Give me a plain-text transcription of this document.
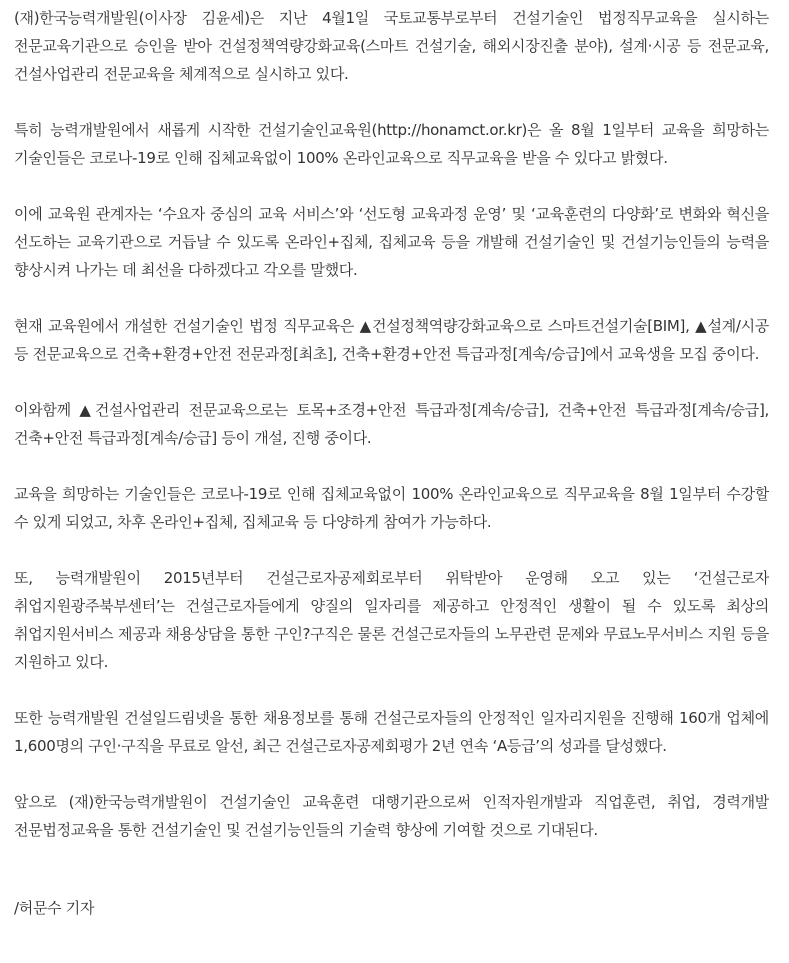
(재)한국능력개발원(이사장 김윤세)은 지난 4월1일 국토교통부로부터 건설기술인 법정직무교육을 실시하는 전문교육기관으로 승인을 받아 건설정책역량강화교육(스마트 건설기술, 해외시장진출 분야), 설계·시공 등 전문교육, 건설사업관리 전문교육을 체계적으로 실시하고 있다.

특히 능력개발원에서 새롭게 시작한 건설기술인교육원(http://honamct.or.kr)은 올 8월 1일부터 교육을 희망하는 기술인들은 코로나-19로 인해 집체교육없이 100% 온라인교육으로 직무교육을 받을 수 있다고 밝혔다.

이에 교육원 관계자는 ‘수요자 중심의 교육 서비스’와 ‘선도형 교육과정 운영’ 및 ‘교육훈련의 다양화’로 변화와 혁신을 선도하는 교육기관으로 거듭날 수 있도록 온라인+집체, 집체교육 등을 개발해 건설기술인 및 건설기능인들의 능력을 향상시켜 나가는 데 최선을 다하겠다고 각오를 말했다.

현재 교육원에서 개설한 건설기술인 법정 직무교육은 ▲건설정책역량강화교육으로 스마트건설기술[BIM], ▲설계/시공 등 전문교육으로 건축+환경+안전 전문과정[최초], 건축+환경+안전 특급과정[계속/승급]에서 교육생을 모집 중이다.

이와함께 ▲건설사업관리 전문교육으로는 토목+조경+안전 특급과정[계속/승급], 건축+안전 특급과정[계속/승급], 건축+안전 특급과정[계속/승급] 등이 개설, 진행 중이다.

교육을 희망하는 기술인들은 코로나-19로 인해 집체교육없이 100% 온라인교육으로 직무교육을 8월 1일부터 수강할 수 있게 되었고, 차후 온라인+집체, 집체교육 등 다양하게 참여가 가능하다.

또, 능력개발원이 2015년부터 건설근로자공제회로부터 위탁받아 운영해 오고 있는 ‘건설근로자 취업지원광주북부센터’는 건설근로자들에게 양질의 일자리를 제공하고 안정적인 생활이 될 수 있도록 최상의 취업지원서비스 제공과 채용상담을 통한 구인?구직은 물론 건설근로자들의 노무관련 문제와 무료노무서비스 지원 등을 지원하고 있다.

또한 능력개발원 건설일드림넷을 통한 채용정보를 통해 건설근로자들의 안정적인 일자리지원을 진행해 160개 업체에 1,600명의 구인·구직을 무료로 알선, 최근 건설근로자공제회평가 2년 연속 ‘A등급’의 성과를 달성했다.

앞으로 (재)한국능력개발원이 건설기술인 교육훈련 대행기관으로써 인적자원개발과 직업훈련, 취업, 경력개발 전문법정교육을 통한 건설기술인 및 건설기능인들의 기술력 향상에 기여할 것으로 기대된다.

/허문수 기자
